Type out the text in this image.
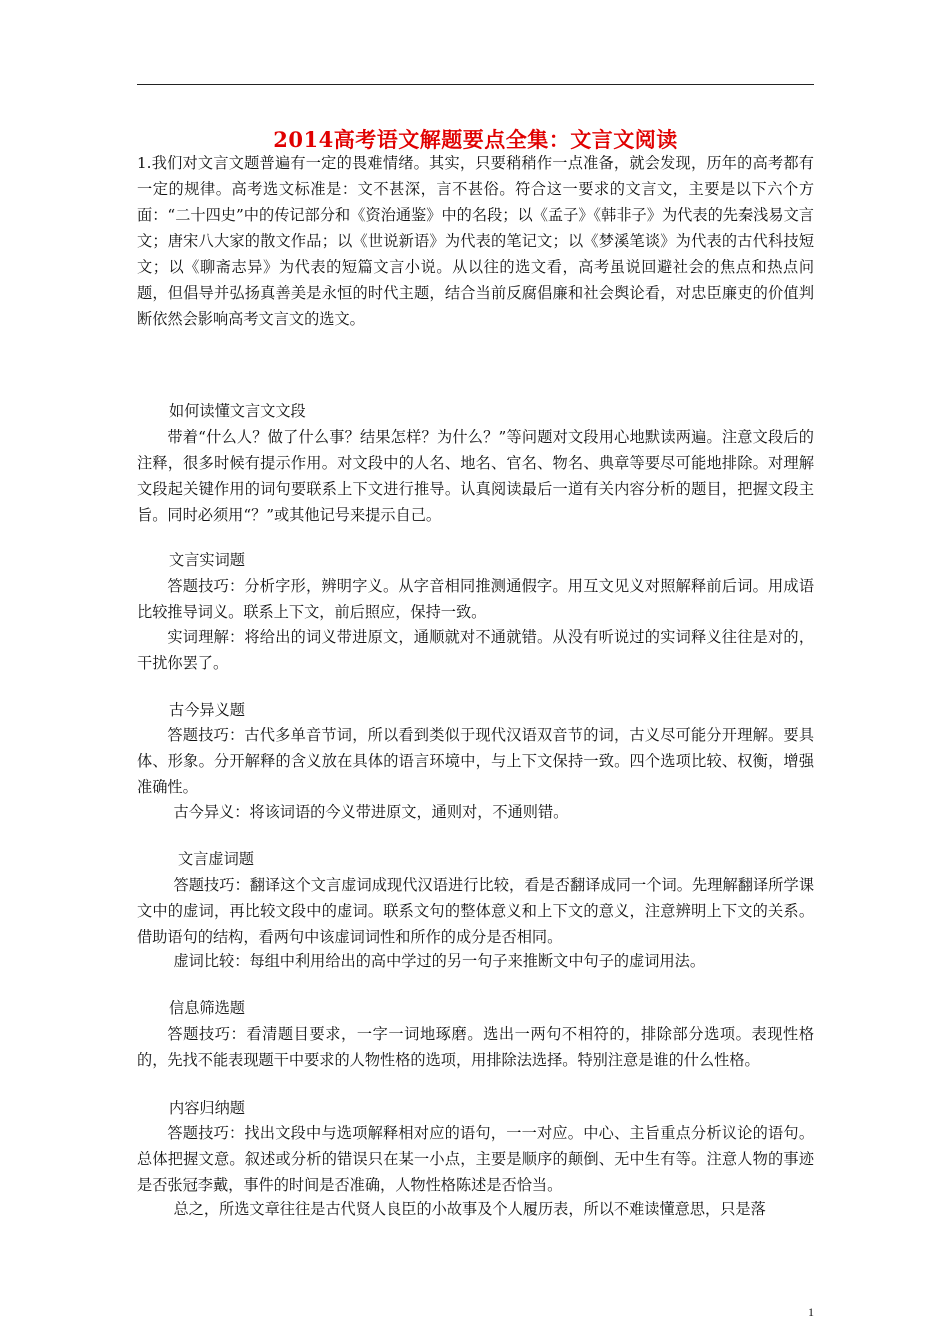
2014高考语文解题要点全集：文言文阅读

1.我们对文言文题普遍有一定的畏难情绪。其实，只要稍稍作一点准备，就会发现，历年的高考都有一定的规律。高考选文标准是：文不甚深，言不甚俗。符合这一要求的文言文，主要是以下六个方面：“二十四史”中的传记部分和《资治通鉴》中的名段；以《孟子》《韩非子》为代表的先秦浅易文言文；唐宋八大家的散文作品；以《世说新语》为代表的笔记文；以《梦溪笔谈》为代表的古代科技短文；以《聊斋志异》为代表的短篇文言小说。从以往的选文看，高考虽说回避社会的焦点和热点问题，但倡导并弘扬真善美是永恒的时代主题，结合当前反腐倡廉和社会舆论看，对忠臣廉吏的价值判断依然会影响高考文言文的选文。

如何读懂文言文文段

带着“什么人？做了什么事？结果怎样？为什么？”等问题对文段用心地默读两遍。注意文段后的注释，很多时候有提示作用。对文段中的人名、地名、官名、物名、典章等要尽可能地排除。对理解文段起关键作用的词句要联系上下文进行推导。认真阅读最后一道有关内容分析的题目，把握文段主旨。同时必须用“？”或其他记号来提示自己。

文言实词题

答题技巧：分析字形，辨明字义。从字音相同推测通假字。用互文见义对照解释前后词。用成语比较推导词义。联系上下文，前后照应，保持一致。

实词理解：将给出的词义带进原文，通顺就对不通就错。从没有听说过的实词释义往往是对的，干扰你罢了。

古今异义题

答题技巧：古代多单音节词，所以看到类似于现代汉语双音节的词，古义尽可能分开理解。要具体、形象。分开解释的含义放在具体的语言环境中，与上下文保持一致。四个选项比较、权衡，增强准确性。

古今异义：将该词语的今义带进原文，通则对，不通则错。

文言虚词题

答题技巧：翻译这个文言虚词成现代汉语进行比较，看是否翻译成同一个词。先理解翻译所学课文中的虚词，再比较文段中的虚词。联系文句的整体意义和上下文的意义，注意辨明上下文的关系。借助语句的结构，看两句中该虚词词性和所作的成分是否相同。

虚词比较：每组中利用给出的高中学过的另一句子来推断文中句子的虚词用法。

信息筛选题

答题技巧：看清题目要求，一字一词地琢磨。选出一两句不相符的，排除部分选项。表现性格的，先找不能表现题干中要求的人物性格的选项，用排除法选择。特别注意是谁的什么性格。

内容归纳题

答题技巧：找出文段中与选项解释相对应的语句，一一对应。中心、主旨重点分析议论的语句。总体把握文意。叙述或分析的错误只在某一小点，主要是顺序的颠倒、无中生有等。注意人物的事迹是否张冠李戴，事件的时间是否准确，人物性格陈述是否恰当。

总之，所选文章往往是古代贤人良臣的小故事及个人履历表，所以不难读懂意思，只是落

1
